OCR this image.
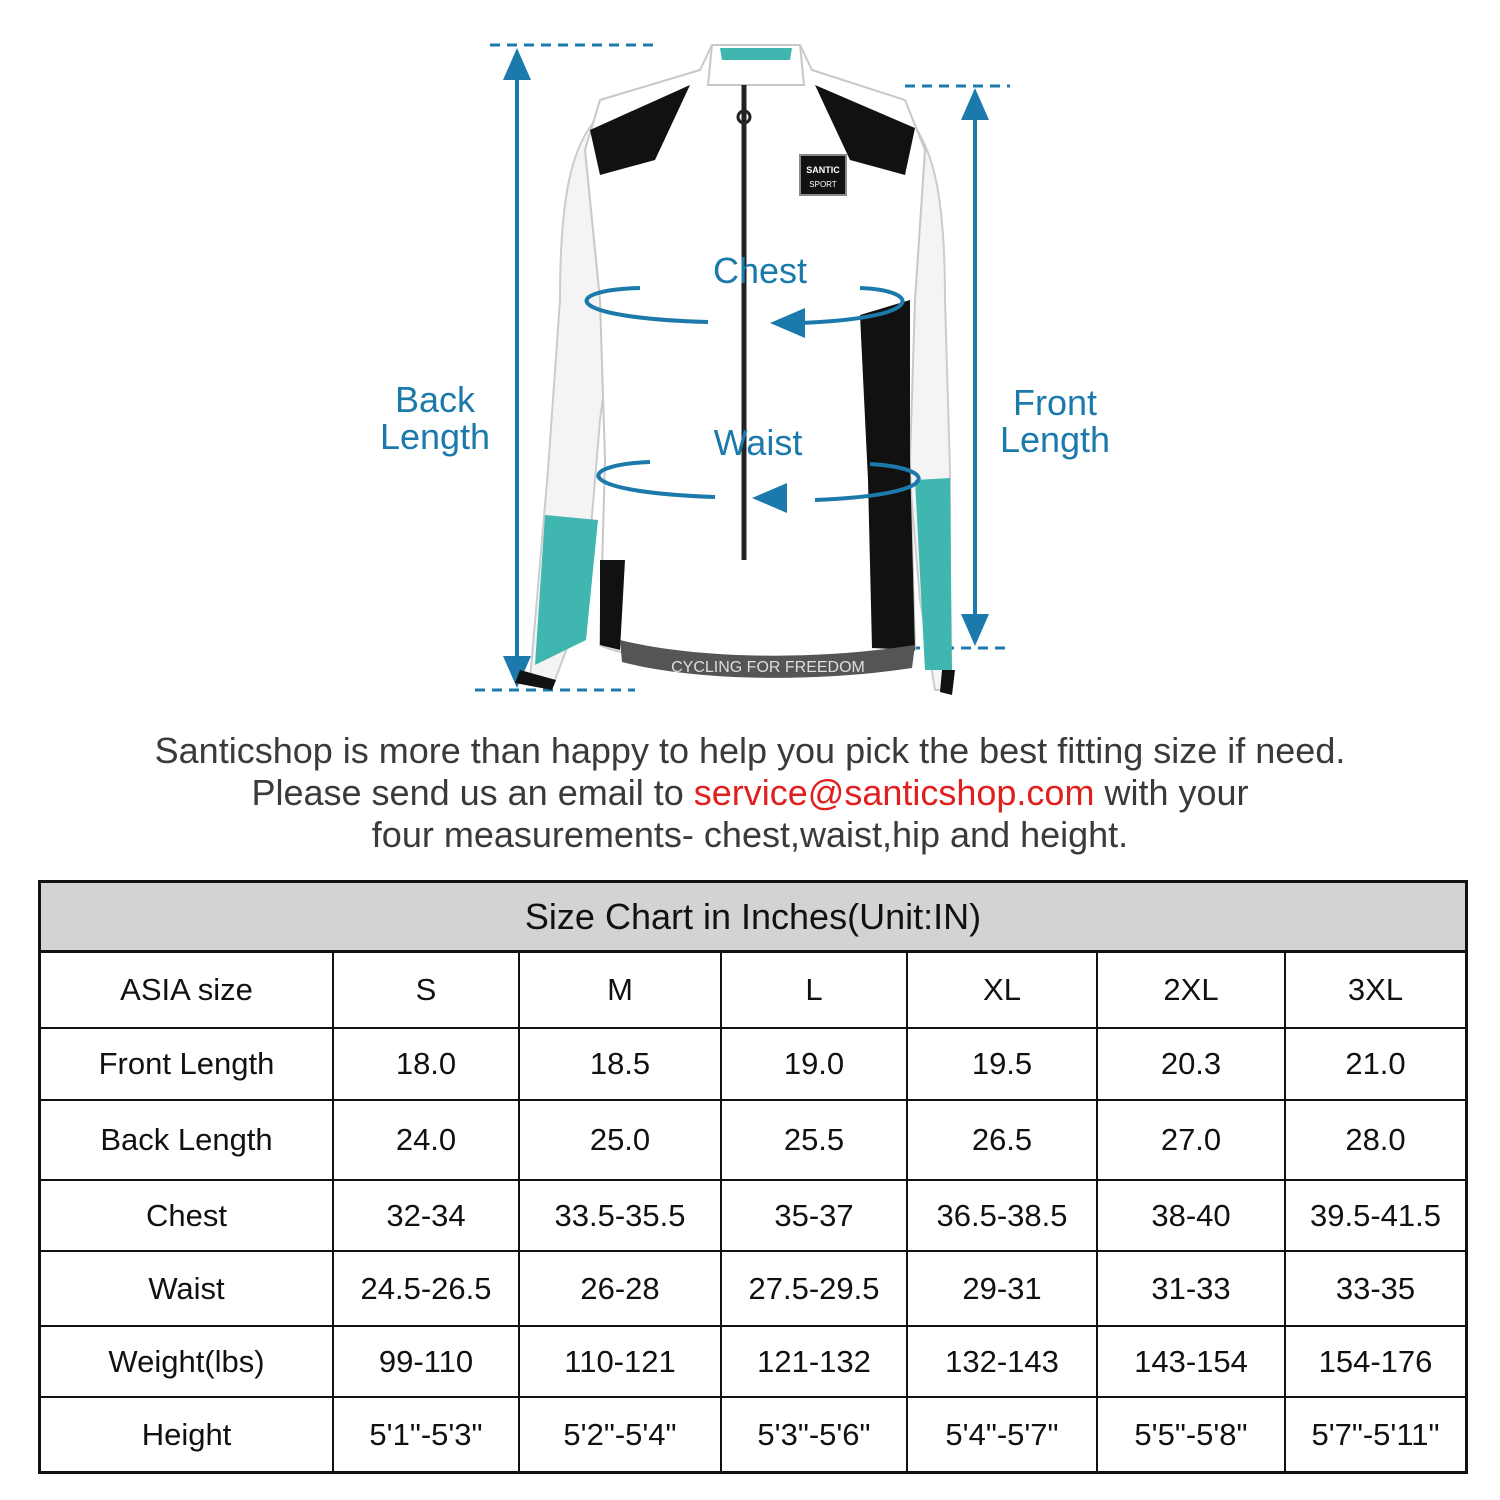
CYCLING FOR FREEDOM
SANTIC
SPORT
Chest
Waist
Back
Length
Front
Length
Santicshop is more than happy to help you pick the best fitting size if need.
Please send us an email to service@santicshop.com with your
four measurements- chest,waist,hip and height.
Size Chart in Inches(Unit:IN)
ASIA size	S	M	L	XL	2XL	3XL
Front Length	18.0	18.5	19.0	19.5	20.3	21.0
Back Length	24.0	25.0	25.5	26.5	27.0	28.0
Chest	32-34	33.5-35.5	35-37	36.5-38.5	38-40	39.5-41.5
Waist	24.5-26.5	26-28	27.5-29.5	29-31	31-33	33-35
Weight(lbs)	99-110	110-121	121-132	132-143	143-154	154-176
Height	5'1"-5'3"	5'2"-5'4"	5'3"-5'6"	5'4"-5'7"	5'5"-5'8"	5'7"-5'11"
